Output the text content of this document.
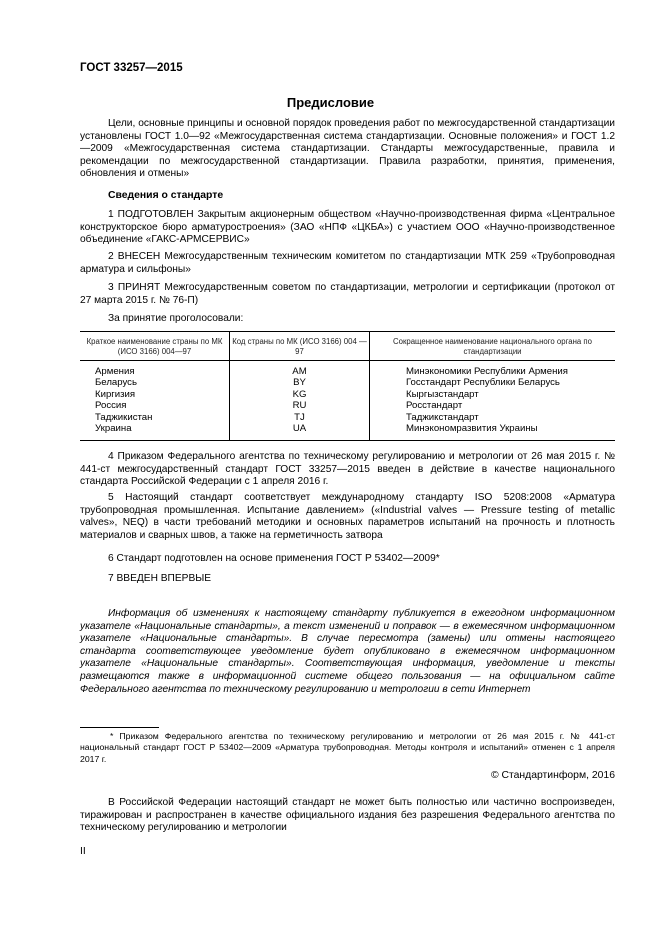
ГОСТ 33257—2015
Предисловие

Цели, основные принципы и основной порядок проведения работ по межгосударственной стандартизации установлены ГОСТ 1.0—92 «Межгосударственная система стандартизации. Основные положения» и ГОСТ 1.2—2009 «Межгосударственная система стандартизации. Стандарты межгосударственные, правила и рекомендации по межгосударственной стандартизации. Правила разработки, принятия, применения, обновления и отмены»

Сведения о стандарте

1 ПОДГОТОВЛЕН Закрытым акционерным обществом «Научно-производственная фирма «Центральное конструкторское бюро арматуростроения» (ЗАО «НПФ «ЦКБА») с участием ООО «Научно-производственное объединение «ГАКС-АРМСЕРВИС»

2 ВНЕСЕН Межгосударственным техническим комитетом по стандартизации МТК 259 «Трубопроводная арматура и сильфоны»

3 ПРИНЯТ Межгосударственным советом по стандартизации, метрологии и сертификации (протокол от 27 марта 2015 г. № 76-П)

За принятие проголосовали:

Краткое наименование страны по МК (ИСО 3166) 004—97	Код страны по МК (ИСО 3166) 004 —97	Сокращенное наименование национального органа по стандартизации
Армения	AM	Минэкономики Республики Армения
Беларусь	BY	Госстандарт Республики Беларусь
Киргизия	KG	Кыргызстандарт
Россия	RU	Росстандарт
Таджикистан	TJ	Таджикстандарт
Украина	UA	Минэкономразвития Украины

4 Приказом Федерального агентства по техническому регулированию и метрологии от 26 мая 2015 г. № 441-ст межгосударственный стандарт ГОСТ 33257—2015 введен в действие в качестве национального стандарта Российской Федерации с 1 апреля 2016 г.

5 Настоящий стандарт соответствует международному стандарту ISO 5208:2008 «Арматура трубопроводная промышленная. Испытание давлением» («Industrial valves — Pressure testing of metallic valves», NEQ) в части требований методики и основных параметров испытаний на прочность и плотность материалов и сварных швов, а также на герметичность затвора

6 Стандарт подготовлен на основе применения ГОСТ Р 53402—2009*

7 ВВЕДЕН ВПЕРВЫЕ

Информация об изменениях к настоящему стандарту публикуется в ежегодном информационном указателе «Национальные стандарты», а текст изменений и поправок — в ежемесячном информационном указателе «Национальные стандарты». В случае пересмотра (замены) или отмены настоящего стандарта соответствующее уведомление будет опубликовано в ежемесячном информационном указателе «Национальные стандарты». Соответствующая информация, уведомление и тексты размещаются также в информационной системе общего пользования — на официальном сайте Федерального агентства по техническому регулированию и метрологии в сети Интернет

* Приказом Федерального агентства по техническому регулированию и метрологии от 26 мая 2015 г. № 441-ст национальный стандарт ГОСТ Р 53402—2009 «Арматура трубопроводная. Методы контроля и испытаний» отменен с 1 апреля 2017 г.

© Стандартинформ, 2016

В Российской Федерации настоящий стандарт не может быть полностью или частично воспроизведен, тиражирован и распространен в качестве официального издания без разрешения Федерального агентства по техническому регулированию и метрологии

II
